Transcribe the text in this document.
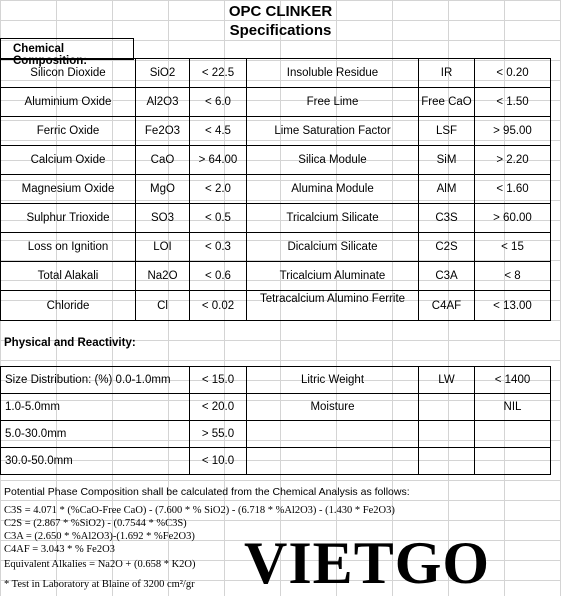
OPC CLINKER
Specifications
Chemical Composition:
Silicon Dioxide	SiO2	< 22.5	Insoluble Residue	IR	< 0.20
Aluminium Oxide	Al2O3	< 6.0	Free Lime	Free CaO	< 1.50
Ferric Oxide	Fe2O3	< 4.5	Lime Saturation Factor	LSF	> 95.00
Calcium Oxide	CaO	> 64.00	Silica Module	SiM	> 2.20
Magnesium Oxide	MgO	< 2.0	Alumina Module	AlM	< 1.60
Sulphur Trioxide	SO3	< 0.5	Tricalcium Silicate	C3S	> 60.00
Loss on Ignition	LOI	< 0.3	Dicalcium Silicate	C2S	< 15
Total Alakali	Na2O	< 0.6	Tricalcium Aluminate	C3A	< 8
Chloride	Cl	< 0.02	Tetracalcium Alumino Ferrite	C4AF	< 13.00
Physical and Reactivity:
Size Distribution: (%) 0.0-1.0mm	< 15.0	Litric Weight	LW	< 1400
1.0-5.0mm	< 20.0	Moisture		NIL
5.0-30.0mm	> 55.0			
30.0-50.0mm	< 10.0			
Potential Phase Composition shall be calculated from the Chemical Analysis as follows:
C3S = 4.071 * (%CaO-Free CaO) - (7.600 * % SiO2) - (6.718 * %Al2O3) - (1.430 * Fe2O3)
C2S = (2.867 * %SiO2) - (0.7544 * %C3S)
C3A = (2.650 * %Al2O3)-(1.692 * %Fe2O3)
C4AF = 3.043 * % Fe2O3
Equivalent Alkalies = Na2O + (0.658 * K2O)
* Test in Laboratory at Blaine of 3200 cm²/gr VIETGO
